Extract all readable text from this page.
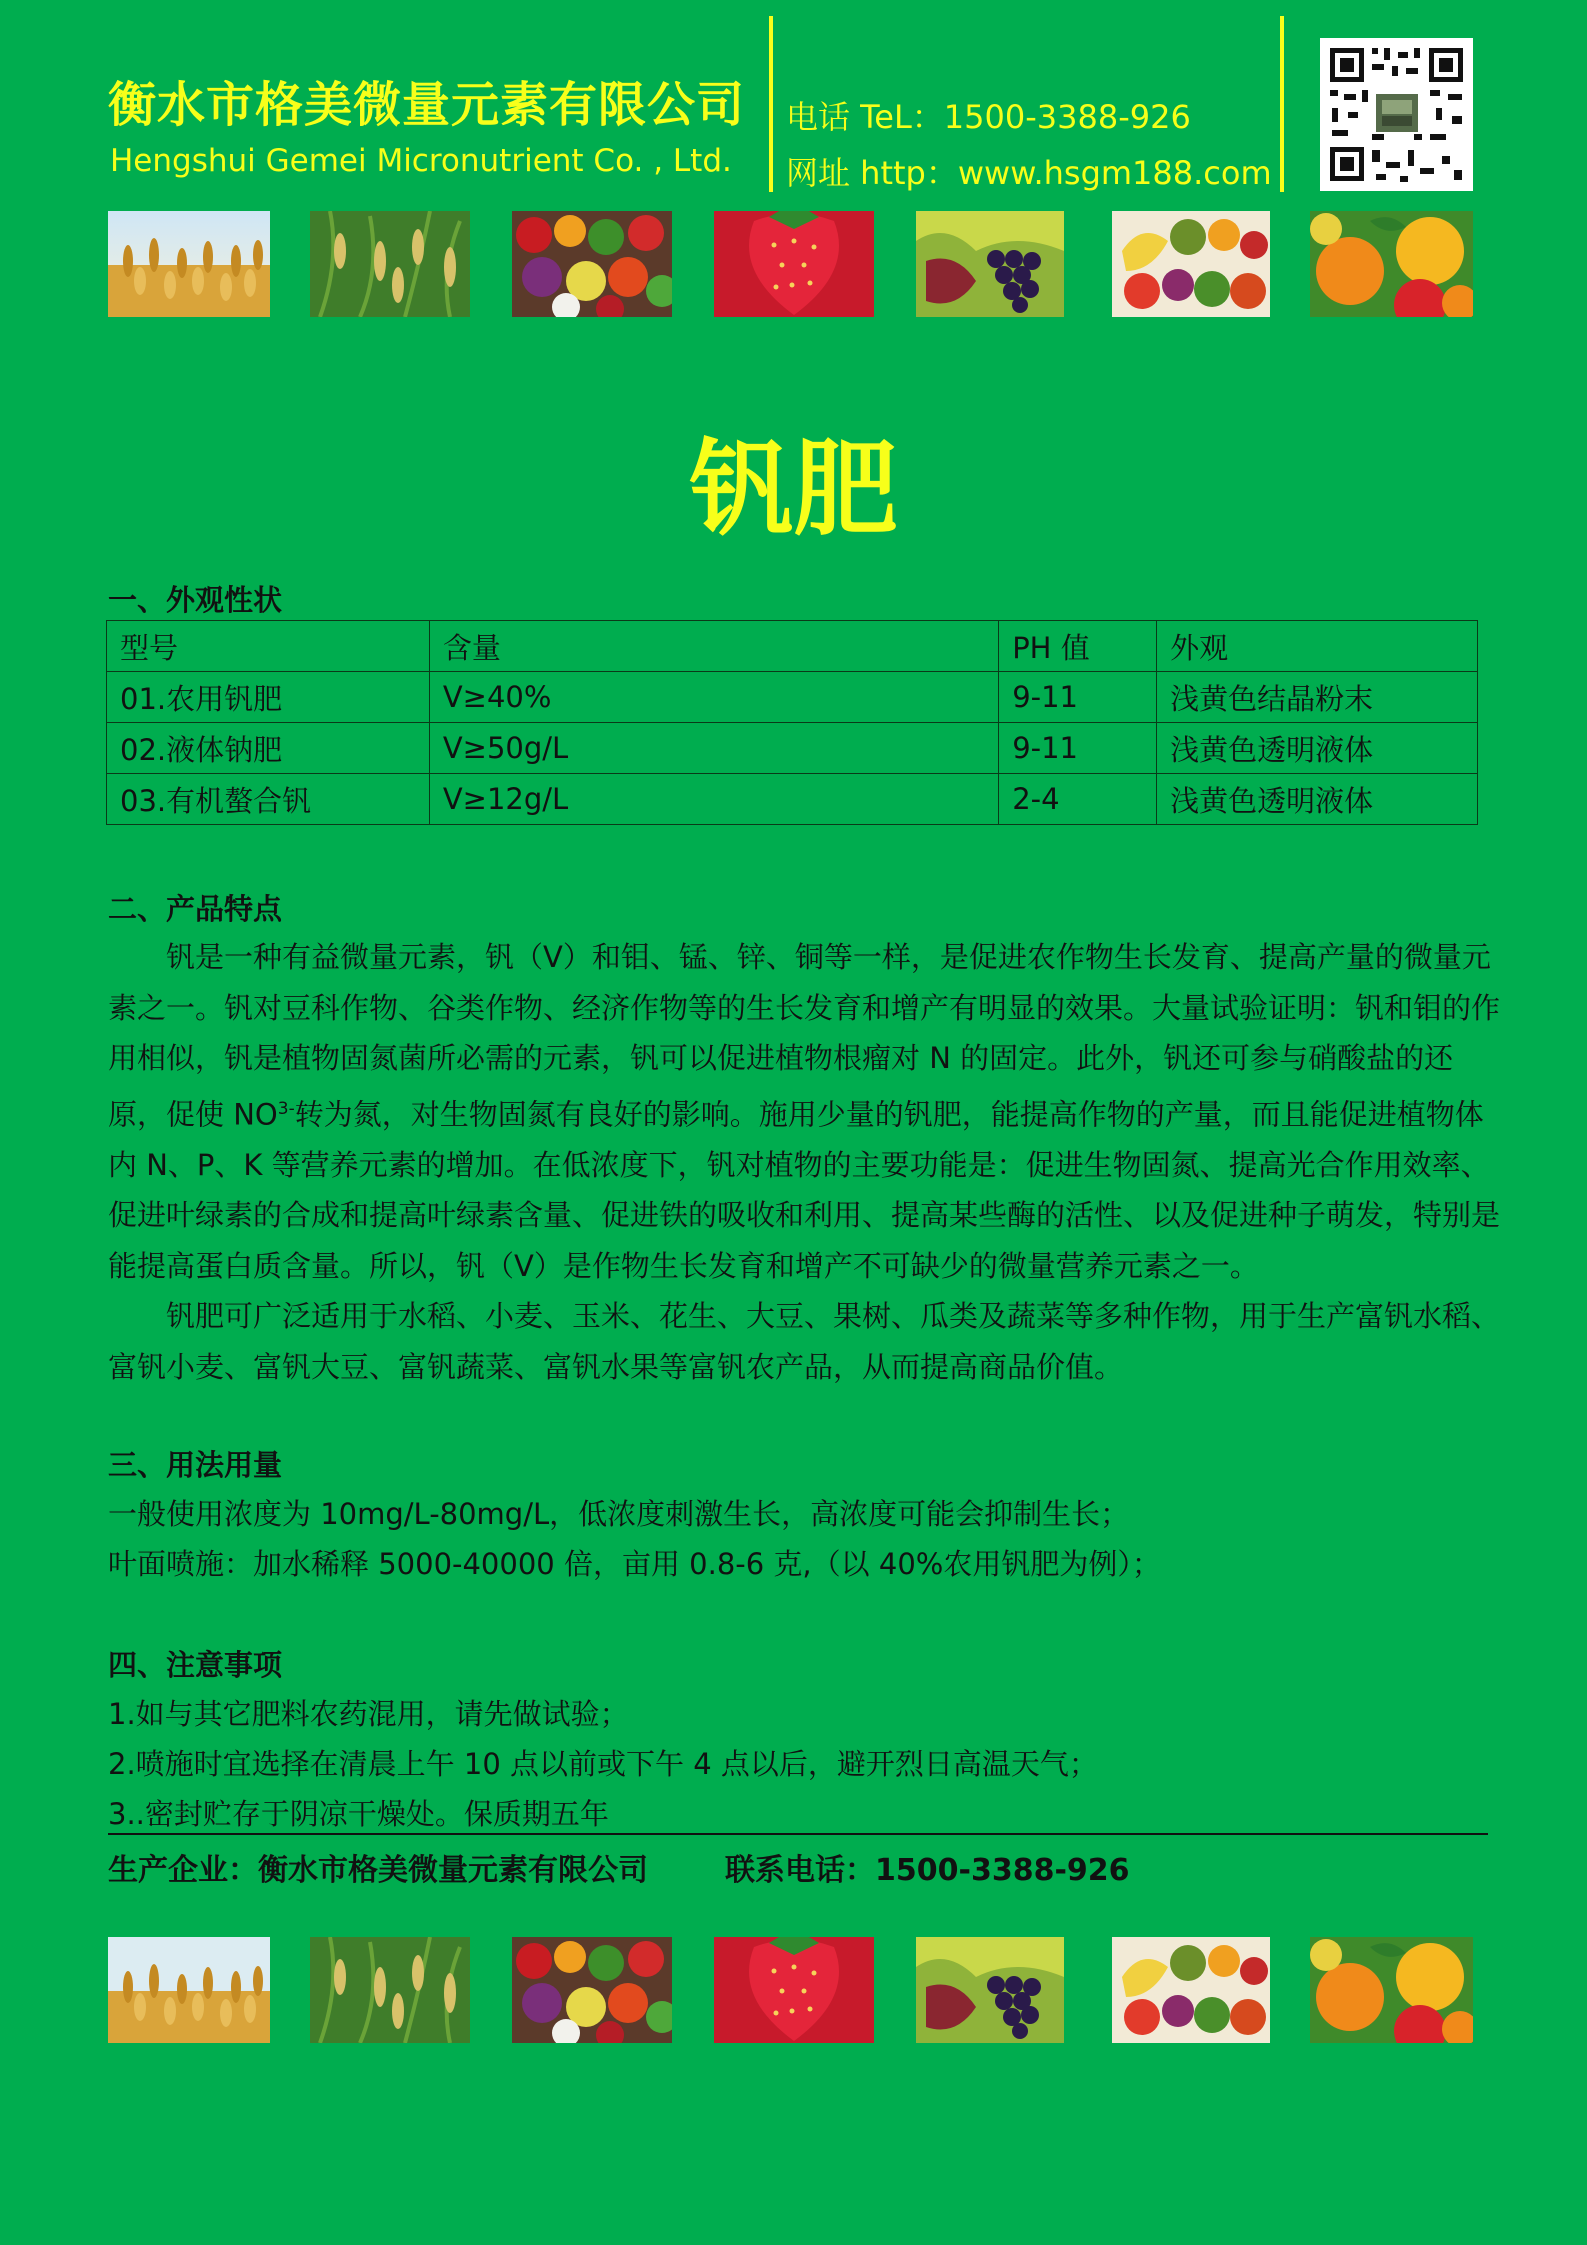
衡水市格美微量元素有限公司
Hengshui Gemei Micronutrient Co. , Ltd.
电话 TeL：1500-3388-926
网址 http：www.hsgm188.com
钒肥
一、外观性状
型号	含量	PH 值	外观
01.农用钒肥	V≥40%	9-11	浅黄色结晶粉末
02.液体钠肥	V≥50g/L	9-11	浅黄色透明液体
03.有机螯合钒	V≥12g/L	2-4	浅黄色透明液体
二、产品特点

钒是一种有益微量元素，钒（V）和钼、锰、锌、铜等一样，是促进农作物生长发育、提高产量的微量元素之一。钒对豆科作物、谷类作物、经济作物等的生长发育和增产有明显的效果。大量试验证明：钒和钼的作用相似，钒是植物固氮菌所必需的元素，钒可以促进植物根瘤对 N 的固定。此外，钒还可参与硝酸盐的还原，促使 $NO^{3-}$转为氮，对生物固氮有良好的影响。施用少量的钒肥，能提高作物的产量，而且能促进植物体内 N、P、K 等营养元素的增加。在低浓度下，钒对植物的主要功能是：促进生物固氮、提高光合作用效率、促进叶绿素的合成和提高叶绿素含量、促进铁的吸收和利用、提高某些酶的活性、以及促进种子萌发，特别是能提高蛋白质含量。所以，钒（V）是作物生长发育和增产不可缺少的微量营养元素之一。

钒肥可广泛适用于水稻、小麦、玉米、花生、大豆、果树、瓜类及蔬菜等多种作物，用于生产富钒水稻、富钒小麦、富钒大豆、富钒蔬菜、富钒水果等富钒农产品，从而提高商品价值。

三、用法用量
一般使用浓度为 10mg/L-80mg/L，低浓度刺激生长，高浓度可能会抑制生长；
叶面喷施：加水稀释 5000-40000 倍，亩用 0.8-6 克,（以 40%农用钒肥为例）；
四、注意事项
1.如与其它肥料农药混用，请先做试验；
2.喷施时宜选择在清晨上午 10 点以前或下午 4 点以后，避开烈日高温天气；
3..密封贮存于阴凉干燥处。保质期五年
生产企业：衡水市格美微量元素有限公司	联系电话：1500-3388-926
